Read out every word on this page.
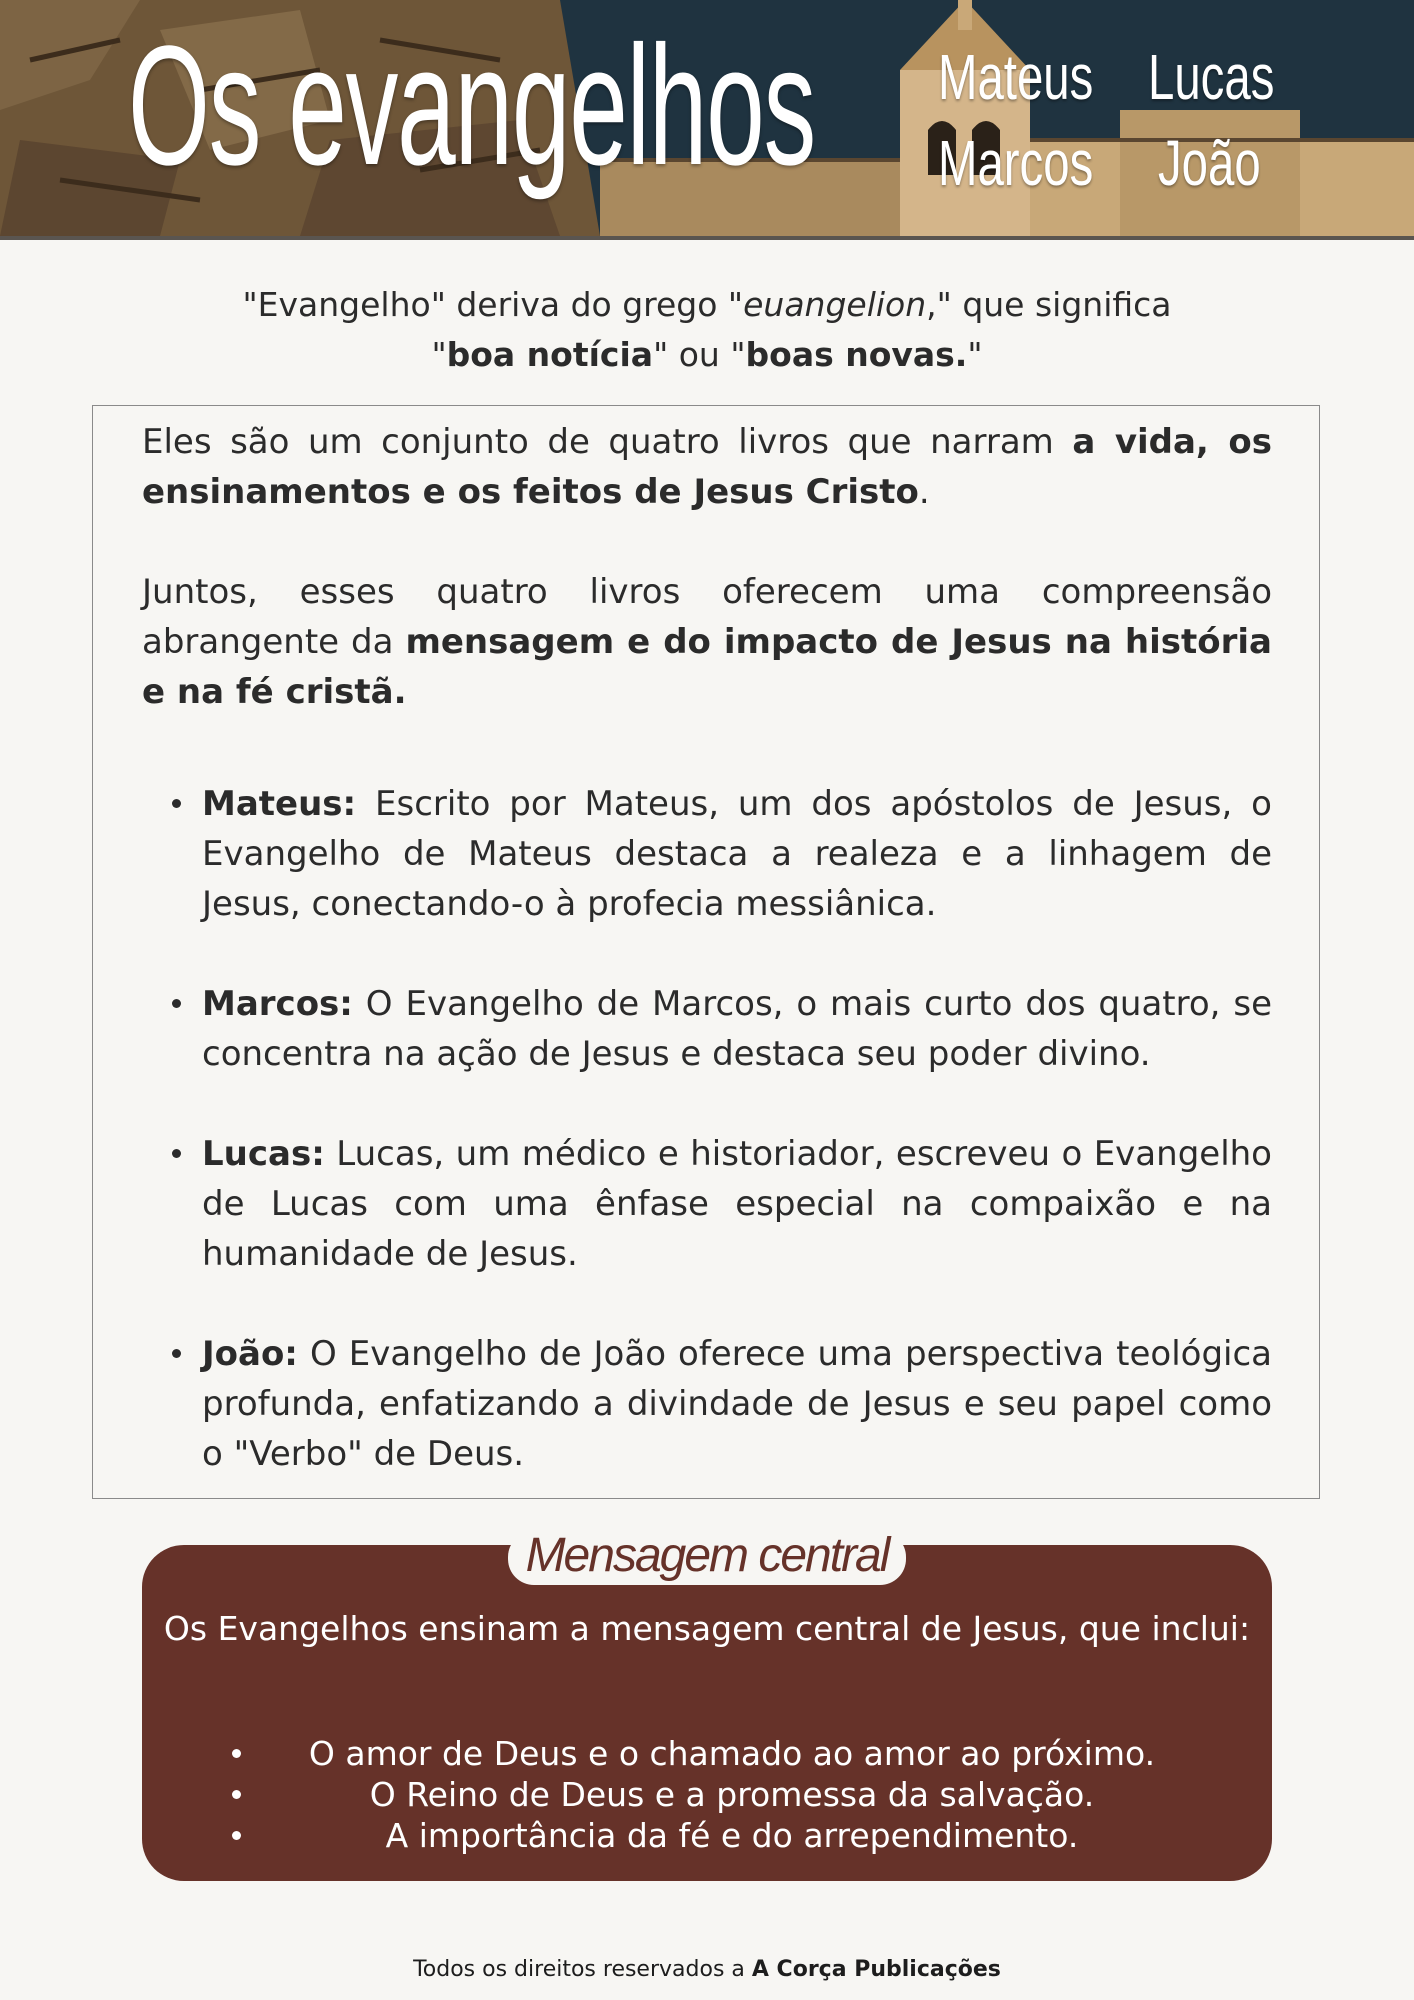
Os evangelhos Mateus Lucas
Marcos João
"Evangelho" deriva do grego "euangelion," que significa
"boa notícia" ou "boas novas."
Eles são um conjunto de quatro livros que narram a vida, os ensinamentos e os feitos de Jesus Cristo.
Juntos, esses quatro livros oferecem uma compreensão abrangente da mensagem e do impacto de Jesus na história e na fé cristã.
Mateus: Escrito por Mateus, um dos apóstolos de Jesus, o Evangelho de Mateus destaca a realeza e a linhagem de Jesus, conectando-o à profecia messiânica.
Marcos: O Evangelho de Marcos, o mais curto dos quatro, se concentra na ação de Jesus e destaca seu poder divino.
Lucas: Lucas, um médico e historiador, escreveu o Evangelho de Lucas com uma ênfase especial na compaixão e na humanidade de Jesus.
João: O Evangelho de João oferece uma perspectiva teológica profunda, enfatizando a divindade de Jesus e seu papel como o "Verbo" de Deus.
Mensagem central
Os Evangelhos ensinam a mensagem central de Jesus, que inclui:
O amor de Deus e o chamado ao amor ao próximo.
O Reino de Deus e a promessa da salvação.
A importância da fé e do arrependimento.
Todos os direitos reservados a A Corça Publicações
